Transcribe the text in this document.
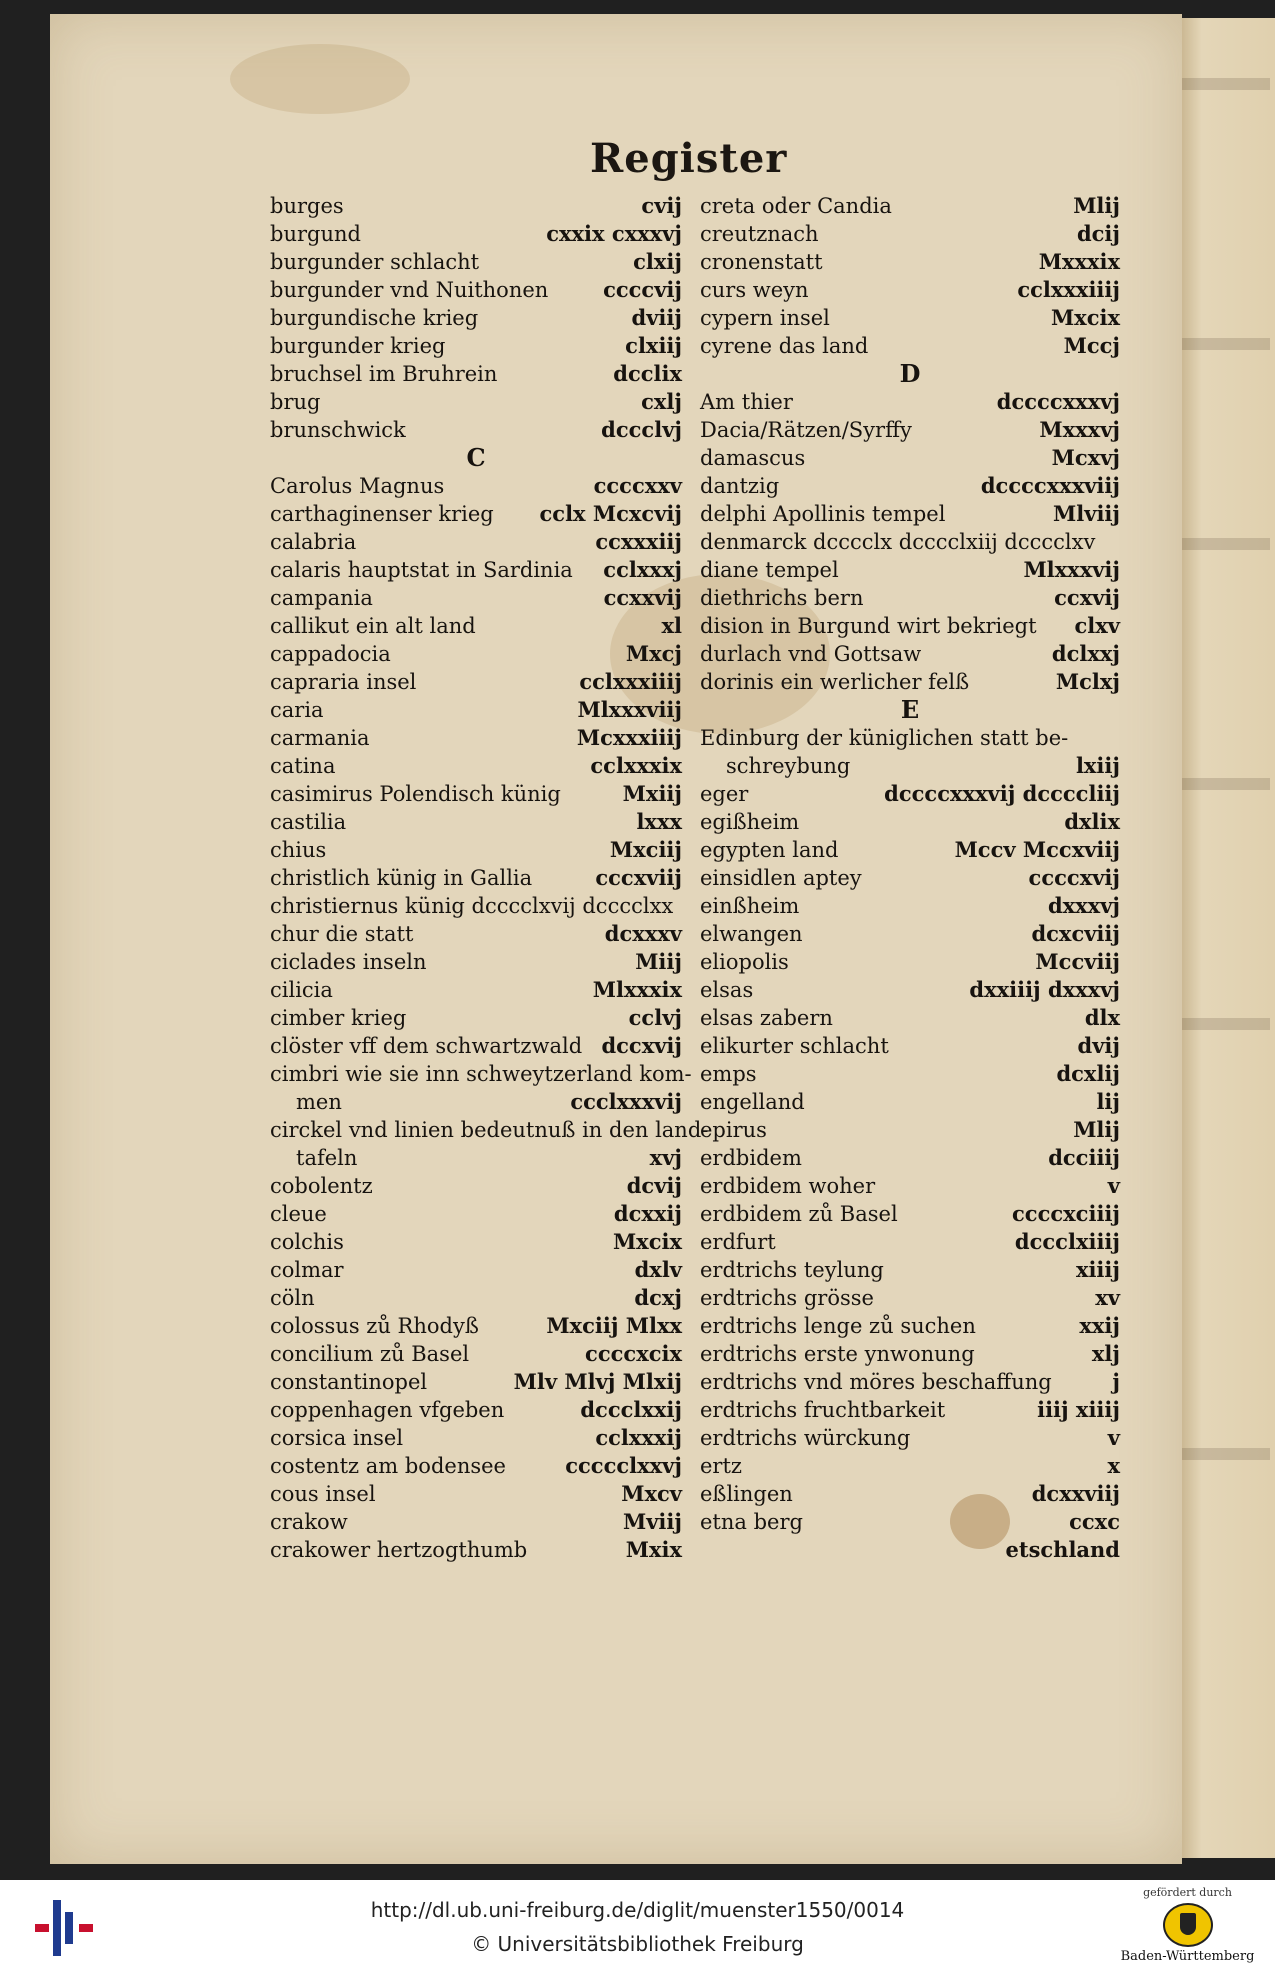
Register
burges	cvij
burgund	cxxix cxxxvj
burgunder schlacht	clxij
burgunder vnd Nuithonen	ccccvij
burgundische krieg	dviij
burgunder krieg	clxiij
bruchsel im Bruhrein	dcclix
brug	cxlj
brunschwick	dccclvj
C
Carolus Magnus	ccccxxv
carthaginenser krieg cclx Mcxcvij
calabria	ccxxxiij
calaris hauptstat in Sardinia cclxxxj
campania	ccxxvij
callikut ein alt land	xl
cappadocia	Mxcj
capraria insel	cclxxxiiij
caria	Mlxxxviij
carmania	Mcxxxiiij
catina	cclxxxix
casimirus Polendisch künig	Mxiij
castilia	lxxx
chius	Mxciij
christlich künig in Gallia	cccxviij
christiernus künig dcccclxvij dcccclxx
chur die statt	dcxxxv
ciclades inseln	Miij
cilicia	Mlxxxix
cimber krieg	cclvj
clöster vff dem schwartzwald dccxvij
cimbri wie sie inn schweytzerland kom-
men	ccclxxxvij
circkel vnd linien bedeutnuß in den land-
tafeln	xvj
cobolentz	dcvij
cleue	dcxxij
colchis	Mxcix
colmar	dxlv
cöln	dcxj
colossus zů Rhodyß	Mxciij Mlxx
concilium zů Basel	ccccxcix
constantinopel	Mlv Mlvj Mlxij
coppenhagen vfgeben	dccclxxij
corsica insel	cclxxxij
costentz am bodensee	ccccclxxvj
cous insel	Mxcv
crakow	Mviij
crakower hertzogthumb	Mxix
creta oder Candia	Mlij
creutznach	dcij
cronenstatt	Mxxxix
curs weyn	cclxxxiiij
cypern insel	Mxcix
cyrene das land	Mccj
D
Am thier	dccccxxxvj
Dacia/Rätzen/Syrffy	Mxxxvj
damascus	Mcxvj
dantzig	dccccxxxviij
delphi Apollinis tempel	Mlviij
denmarck dcccclx dcccclxiij dcccclxv
diane tempel	Mlxxxvij
diethrichs bern	ccxvij
dision in Burgund wirt bekriegt clxv
durlach vnd Gottsaw	dclxxj
dorinis ein werlicher felß	Mclxj
E
Edinburg der küniglichen statt be-
schreybung	lxiij
eger	dccccxxxvij dccccliij
egißheim	dxlix
egypten land	Mccv Mccxviij
einsidlen aptey	ccccxvij
einßheim	dxxxvj
elwangen	dcxcviij
eliopolis	Mccviij
elsas	dxxiiij dxxxvj
elsas zabern	dlx
elikurter schlacht	dvij
emps	dcxlij
engelland	lij
epirus	Mlij
erdbidem	dcciiij
erdbidem woher	v
erdbidem zů Basel	ccccxciiij
erdfurt	dccclxiiij
erdtrichs teylung	xiiij
erdtrichs grösse	xv
erdtrichs lenge zů suchen	xxij
erdtrichs erste ynwonung	xlj
erdtrichs vnd möres beschaffung	j
erdtrichs fruchtbarkeit	iiij xiiij
erdtrichs würckung	v
ertz	x
eßlingen	dcxxviij
etna berg	ccxc
etschland
http://dl.ub.uni-freiburg.de/diglit/muenster1550/0014
© Universitätsbibliothek Freiburg
gefördert durch
Baden-Württemberg
